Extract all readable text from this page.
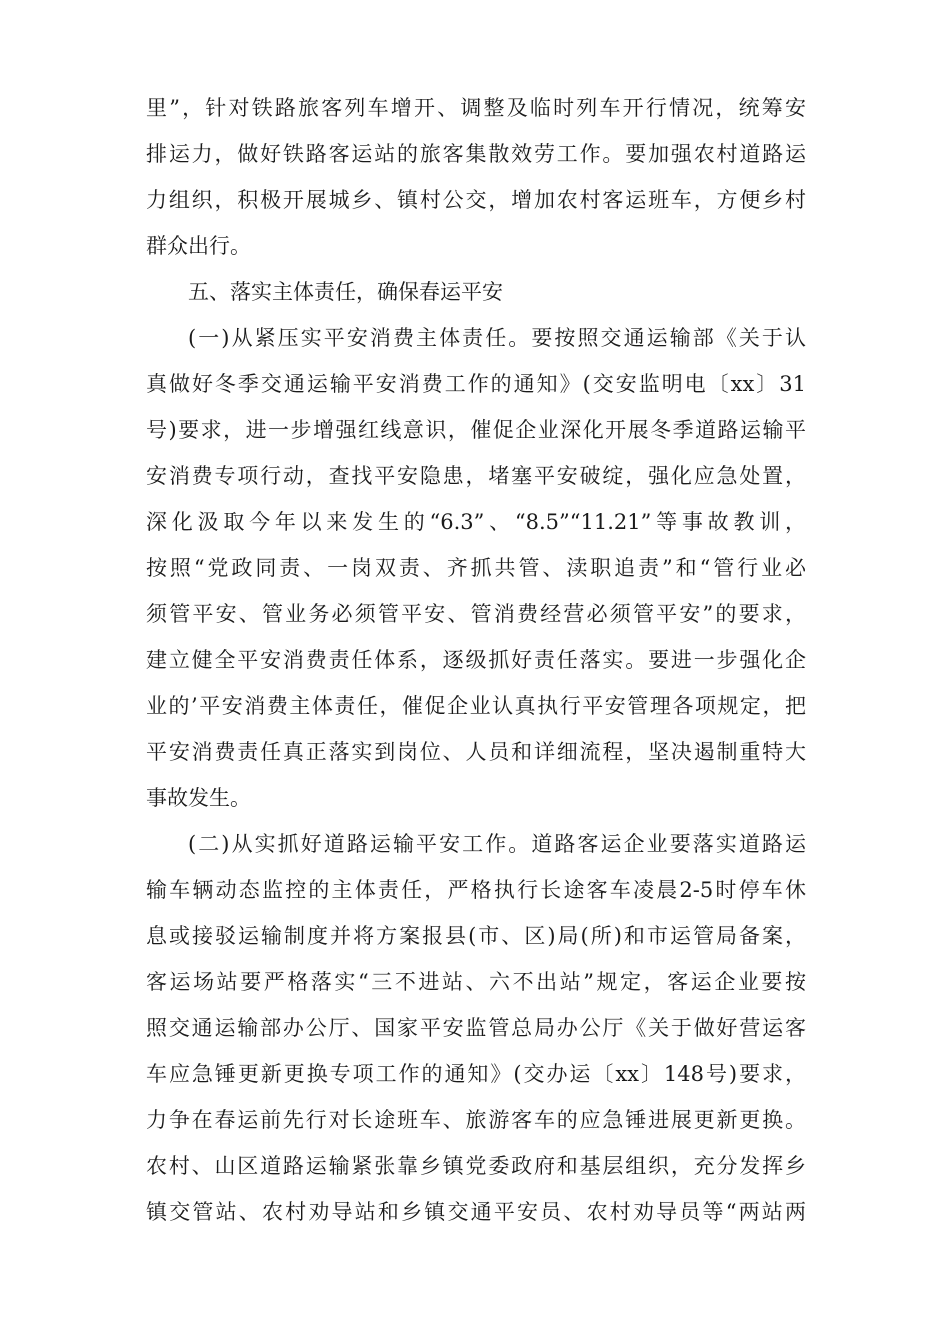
里”，针对铁路旅客列车增开、调整及临时列车开行情况，统筹安
排运力，做好铁路客运站的旅客集散效劳工作。要加强农村道路运
力组织，积极开展城乡、镇村公交，增加农村客运班车，方便乡村
群众出行。
五、落实主体责任，确保春运平安
(一)从紧压实平安消费主体责任。要按照交通运输部《关于认
真做好冬季交通运输平安消费工作的通知》(交安监明电〔xx〕31
号)要求，进一步增强红线意识，催促企业深化开展冬季道路运输平
安消费专项行动，查找平安隐患，堵塞平安破绽，强化应急处置，
深化汲取今年以来发生的“6.3”、“8.5”“11.21”等事故教训，
按照“党政同责、一岗双责、齐抓共管、渎职追责”和“管行业必
须管平安、管业务必须管平安、管消费经营必须管平安”的要求，
建立健全平安消费责任体系，逐级抓好责任落实。要进一步强化企
业的’平安消费主体责任，催促企业认真执行平安管理各项规定，把
平安消费责任真正落实到岗位、人员和详细流程，坚决遏制重特大
事故发生。
(二)从实抓好道路运输平安工作。道路客运企业要落实道路运
输车辆动态监控的主体责任，严格执行长途客车凌晨2-5时停车休
息或接驳运输制度并将方案报县(市、区)局(所)和市运管局备案，
客运场站要严格落实“三不进站、六不出站”规定，客运企业要按
照交通运输部办公厅、国家平安监管总局办公厅《关于做好营运客
车应急锤更新更换专项工作的通知》(交办运〔xx〕148号)要求，
力争在春运前先行对长途班车、旅游客车的应急锤进展更新更换。
农村、山区道路运输紧张靠乡镇党委政府和基层组织，充分发挥乡
镇交管站、农村劝导站和乡镇交通平安员、农村劝导员等“两站两
